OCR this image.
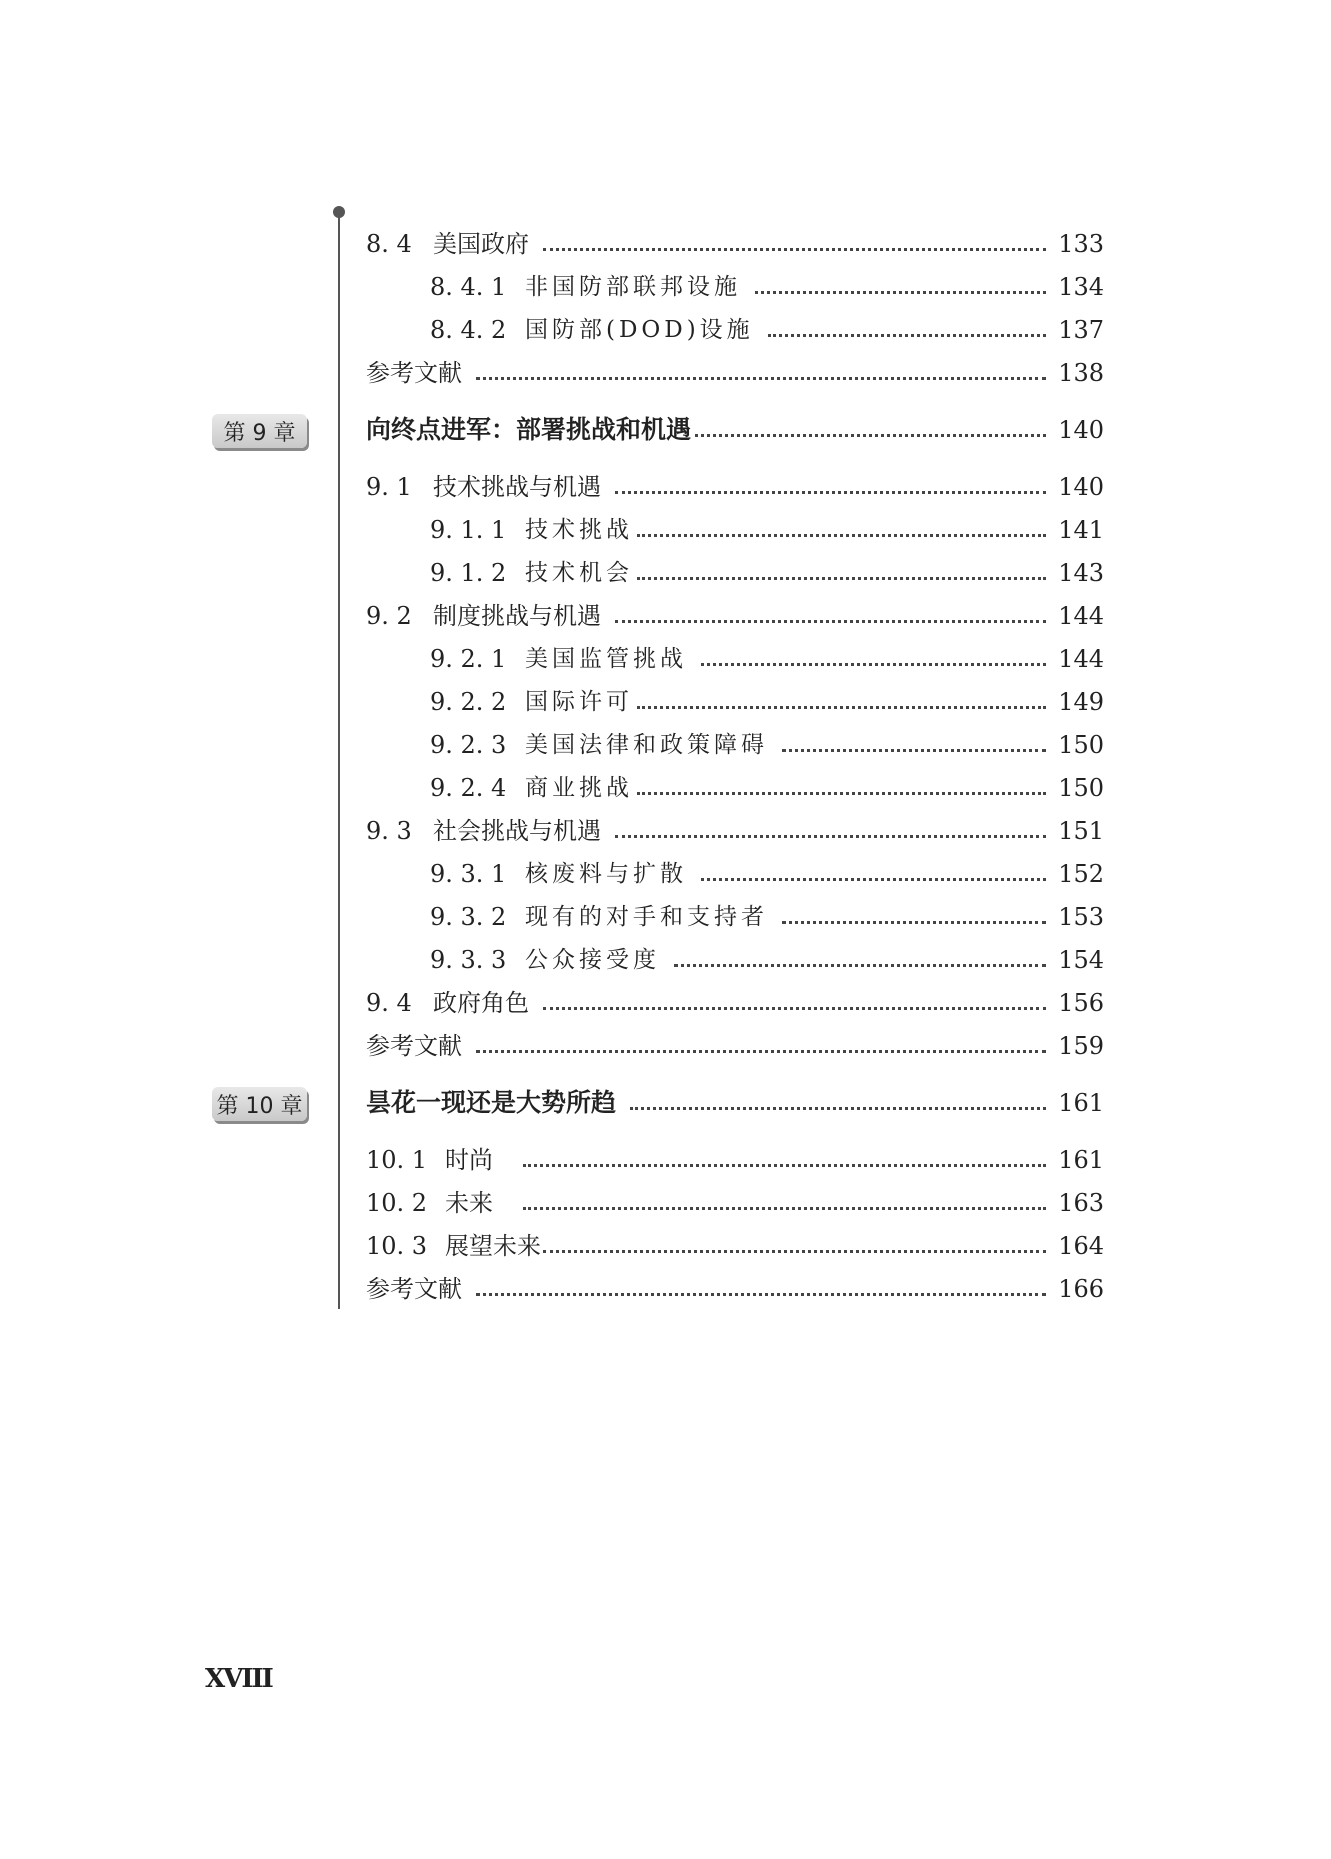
8. 4 美国政府	133
8. 4. 1 非国防部联邦设施	134
8. 4. 2 国防部(DOD)设施	137
参考文献	138
第 9 章	向终点进军：部署挑战和机遇	140
9. 1 技术挑战与机遇	140
9. 1. 1 技术挑战	141
9. 1. 2 技术机会	143
9. 2 制度挑战与机遇	144
9. 2. 1 美国监管挑战	144
9. 2. 2 国际许可	149
9. 2. 3 美国法律和政策障碍	150
9. 2. 4 商业挑战	150
9. 3 社会挑战与机遇	151
9. 3. 1 核废料与扩散	152
9. 3. 2 现有的对手和支持者	153
9. 3. 3 公众接受度	154
9. 4 政府角色	156
参考文献	159
第 10 章	昙花一现还是大势所趋	161
10. 1 时尚	161
10. 2 未来	163
10. 3 展望未来	164
参考文献	166
XVIII
